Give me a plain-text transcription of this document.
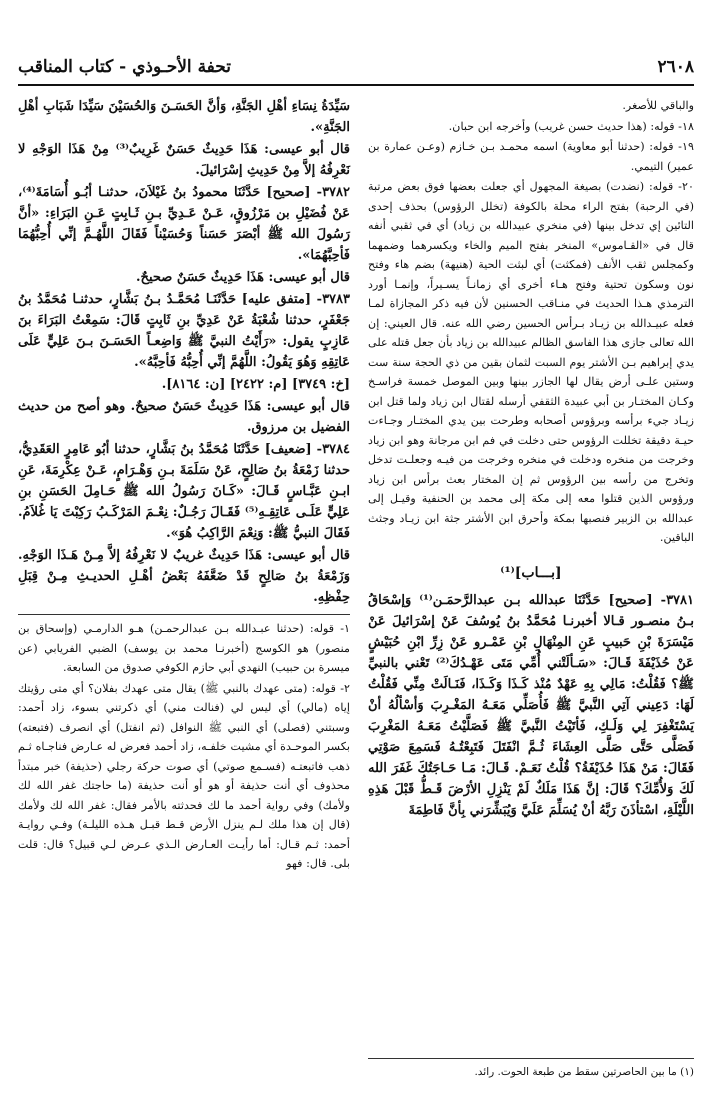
٢٦٠٨
تحفة الأحـوذي - كتاب المناقب

والباقي للأصغر.

١٨- قوله: (هذا حديث حسن غريب) وأخرجه ابن حبان.

١٩- قوله: (حدثنا أبو معاوية) اسمه محمـد بـن خـازم (وعـن عمارة بن عمير) التيمي.

٢٠- قوله: (نضدت) بصيغة المجهول أي جعلت بعضها فوق بعض مرتبة (في الرحبة) بفتح الراء محلة بالكوفة (تخلل الرؤوس) بحذف إحدى التائين إي تدخل بينها (في منخري عبيدالله بن زياد) أي في ثقبي أنفه قال في «القـاموس» المنخر بفتح الميم والخاء ويكسرهما وضمهما وكمجلس ثقب الأنف (فمكثت) أي لبثت الحية (هنيهة) بضم هاء وفتح نون وسكون تحتية وفتح هـاء أخرى أي زمانـاً يسـيراً، وإنمـا أورد الترمذي هـذا الحديث في منـاقب الحسنين لأن فيه ذكر المجازاة لمـا فعله عبيـدالله بن زيـاد بـرأس الحسين رضي الله عنه. قال العيني: إن الله تعالى جازى هذا الفاسق الظالم عبيدالله بن زياد بأن جعل قتله على يدي إبراهيم بـن الأشتر يوم السبت لثمان بقين من ذي الحجة سنة ست وستين علـى أرض يقال لها الجازر بينها وبين الموصل خمسة فراسـخ وكـان المختـار بن أبي عبيدة الثقفي أرسله لقتال ابن زياد ولما قتل ابن زيـاد جيء برأسه وبرؤوس أصحابه وطرحت بين يدي المختـار وجـاءت حيـة دقيقة تخللت الرؤوس حتى دخلت في فم ابن مرجانة وهو ابن زياد وخرجت من منخره ودخلت في منخره وخرجت من فيـه وجعلـت تدخل وتخرج من رأسه بين الرؤوس ثم إن المختار بعث برأس ابن زياد ورؤوس الذين قتلوا معه إلى مكة إلى محمد بن الحنفية وقيـل إلى عبدالله بن الزبير فنصبها بمكة وأحرق ابن الأشتر جثة ابن زيـاد وجثث الباقين.

[بـــاب]⁽¹⁾

٣٧٨١- [صحيح] حَدَّثَنَا عبدالله بـن عبدالرَّحمَـن⁽¹⁾ وَإسْحَاقُ بـنُ منصـور قـالا أخبرنـا مُحَمَّدُ بنُ يُوسُفَ عَنْ إسْرَائيلَ عَنْ مَيْسَرَةَ بْنِ حَبيبٍ عَنِ المِنْهَالِ بْنِ عَمْـرو عَنْ زِرِّ ابْنِ حُبَيْشٍ عَنْ حُذَيْفَةَ قَـالَ: «سَـألَتْني أُمِّي مَتَى عَهْـدُكَ⁽²⁾ تَعْني بالنبيِّ ﷺ؟ فَقُلْتُ: مَالِي بِهِ عَهْدٌ مُنْذ كَـذَا وَكَـذَا، فَنَـالَتْ مِنِّي فَقُلْتُ لَهَا: دَعِيني آتِي النَّبيَّ ﷺ فَأُصَلِّي مَعَـهُ المَغْـرِبَ وَأسْألُهُ أنْ يَسْتَغْفِرَ لِي وَلَـكِ، فَأتَيْتُ النَّبيَّ ﷺ فَصَلَّيْتُ مَعَـهُ المَغْرِبَ فَصَلَّى حَتَّى صَلَّى العِشَاءَ ثُـمَّ انْفَتَلَ فَتَبِعْتُـهُ فَسَمِعَ صَوْتِي فَقَالَ: مَنْ هَذَا حُذَيْفَةُ؟ قُلْتُ نَعَـمْ. قَـالَ: مَـا حَـاجَتُكَ غَفَرَ الله لَكَ وَلأُمِّكَ؟ قَالَ: إنَّ هَذَا مَلَكٌ لَمْ يَنْزِلِ الأرْضَ قَـطُّ قَبْلَ هَذِهِ اللَّيْلَةِ، اسْتأذَنَ رَبَّهُ أنْ يُسَلِّمَ عَلَيَّ وَيُبَشِّرَني بِأنَّ فَاطِمَةَ

(١) ما بين الحاصرتين سقط من طبعة الحوت. رائد.

سَيِّدَةُ نِسَاءِ أهْلِ الجَنَّةِ، وَأنَّ الحَسَـنَ وَالحُسَيْنَ سَيِّدَا شَبَابِ أهْلِ الجَنَّةِ».

قال أبو عيسى: هَذَا حَدِيثٌ حَسَنٌ غَرِيبٌ⁽³⁾ مِنْ هَذَا الوَجْهِ لا نَعْرِفُهُ إلاَّ مِنْ حَدِيثِ إسْرَائيلَ.

٣٧٨٢- [صحيح] حَدَّثَنَا محمودُ بنُ غَيْلاَنَ، حدثنـا أبُـو أُسَامَةَ⁽⁴⁾، عَنْ فُضَيْلِ بن مَرْزُوقٍ، عَـنْ عَـدِيِّ بـنِ ثَـابِتٍ عَـنِ البَرَاءِ: «أنَّ رَسُولَ الله ﷺ أبْصَرَ حَسَناً وَحُسَيْناً فَقَالَ اللَّهُـمَّ إنِّي أُحِبُّهُمَا فَأحِبَّهُمَا».

قال أبو عيسى: هَذَا حَدِيثٌ حَسَنٌ صحيحٌ.

٣٧٨٣- [متفق عليه] حَدَّثَنَـا مُحَمَّـدُ بـنُ بَشَّارٍ، حدثنـا مُحَمَّدُ بنُ جَعْفَرٍ، حدثنا شُعْبَةُ عَنْ عَدِيِّ بنِ ثَابِتٍ قَالَ: سَمِعْتُ البَرَاءَ بنَ عَازِبٍ يقول: «رَأَيْتُ النبيَّ ﷺ وَاضِعـاً الحَسَـنَ بـنَ عَلِيٍّ عَلَى عَاتِقِهِ وَهُوَ يَقُولُ: اللَّهُمَّ إنِّي أُحِبُّهُ فَأحِبَّهُ».

[خ: ٣٧٤٩] [م: ٢٤٢٢] [ن: ٨١٦٤].

قال أبو عيسى: هَذَا حَدِيثٌ حَسَنٌ صحيحٌ. وهو أصح من حديث الفضيل بن مرزوق.

٣٧٨٤- [ضعيف] حَدَّثَنَا مُحَمَّدُ بنُ بَشَّارٍ، حدثنا أبُو عَامِرٍ العَقَدِيُّ، حدثنا زَمْعَةُ بنُ صَالِحٍ، عَنْ سَلَمَةَ بـنِ وَهْـرَامٍ، عَـنْ عِكْرِمَةَ، عَنِ ابـنِ عَبَّـاسٍ قَـالَ: «كَـانَ رَسُولُ الله ﷺ حَـامِلَ الحَسَنِ بنِ عَلِيٍّ عَلَـى عَاتِقِـهِ⁽⁵⁾ فَقَـالَ رَجُـلٌ: نِعْـمَ المَرْكَـبُ رَكِبْتَ يَا غُلاَمُ. فَقَالَ النبيُّ ﷺ: وَنِعْمَ الرَّاكِبُ هُوَ».

قال أبو عيسى: هَذَا حَدِيثٌ غريبٌ لا نَعْرِفُهُ إلاَّ مِـنْ هَـذَا الوَجْهِ. وَزَمْعَةُ بنُ صَالِحٍ قَدْ ضَعَّفَهُ بَعْضُ أهْـلِ الحديـثِ مِـنْ قِبَلِ حِفْظِهِ.

١- قوله: (حدثنا عبـدالله بـن عبدالرحمـن) هـو الدارمـي (وإسحاق بن منصور) هو الكوسج (أخبرنـا محمد بن يوسف) الضبي الفريابي (عن ميسرة بن حبيب) النهدي أبي حازم الكوفي صدوق من السابعة.

٢- قوله: (متى عهدك بالنبي ﷺ) يقال متى عهدك بفلان؟ أي متى رؤيتك إياه (مالي) أي ليس لي (فنالت مني) أي ذكرتني بسوء، زاد أحمد: وسبتني (فصلى) أي النبي ﷺ النوافل (ثم انفتل) أي انصرف (فتبعته) بكسر الموحـدة أي مشيت خلفـه، زاد أحمد فعرض له عـارض فناجـاه ثـم ذهب فاتبعتـه (فسـمع صوتي) أي صوت حركة رجلي (حذيفة) خبر مبتدأ محذوف أي أنت حذيفة أو هو أو أنت حذيفة (ما حاجتك غفر الله لك ولأمك) وفي رواية أحمد ما لك فحدثته بالأمر فقال: غفر الله لك ولأمك (قال إن هذا ملك لـم ينزل الأرض قـط قبـل هـذه الليلـة) وفـي روايـة أحمد: ثـم قـال: أما رأيـت العـارض الـذي عـرض لـي قبيل؟ قال: قلت بلى. قال: فهو
